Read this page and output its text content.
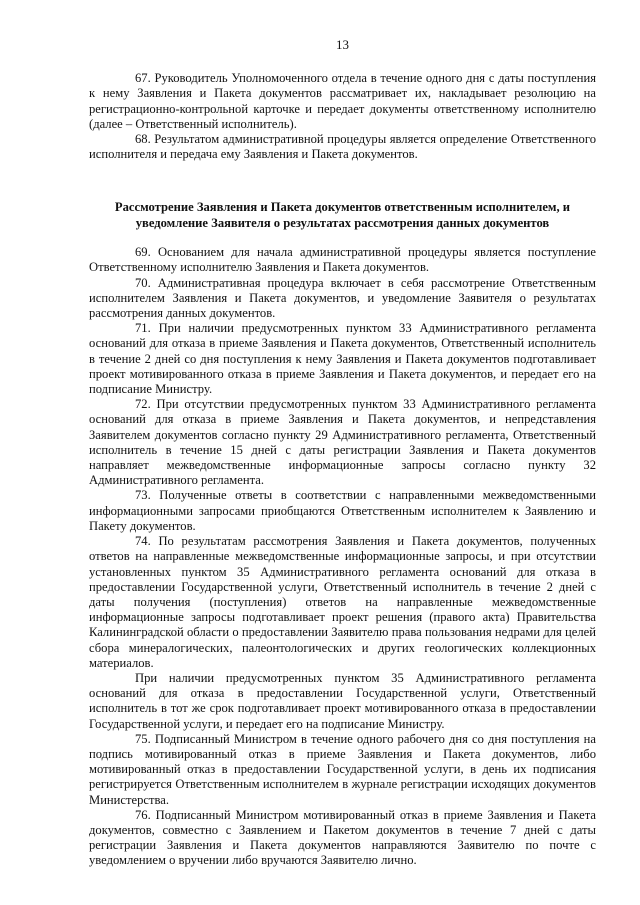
13

67. Руководитель Уполномоченного отдела в течение одного дня с даты поступления к нему Заявления и Пакета документов рассматривает их, накладывает резолюцию на регистрационно-контрольной карточке и передает документы ответственному исполнителю (далее – Ответственный исполнитель).

68. Результатом административной процедуры является определение Ответственного исполнителя и передача ему Заявления и Пакета документов.

Рассмотрение Заявления и Пакета документов ответственным исполнителем, и уведомление Заявителя о результатах рассмотрения данных документов

69. Основанием для начала административной процедуры является поступление Ответственному исполнителю Заявления и Пакета документов.

70. Административная процедура включает в себя рассмотрение Ответственным исполнителем Заявления и Пакета документов, и уведомление Заявителя о результатах рассмотрения данных документов.

71. При наличии предусмотренных пунктом 33 Административного регламента оснований для отказа в приеме Заявления и Пакета документов, Ответственный исполнитель в течение 2 дней со дня поступления к нему Заявления и Пакета документов подготавливает проект мотивированного отказа в приеме Заявления и Пакета документов, и передает его на подписание Министру.

72. При отсутствии предусмотренных пунктом 33 Административного регламента оснований для отказа в приеме Заявления и Пакета документов, и непредставления Заявителем документов согласно пункту 29 Административного регламента, Ответственный исполнитель в течение 15 дней с даты регистрации Заявления и Пакета документов направляет межведомственные информационные запросы согласно пункту 32 Административного регламента.

73. Полученные ответы в соответствии с направленными межведомственными информационными запросами приобщаются Ответственным исполнителем к Заявлению и Пакету документов.

74. По результатам рассмотрения Заявления и Пакета документов, полученных ответов на направленные межведомственные информационные запросы, и при отсутствии установленных пунктом 35 Административного регламента оснований для отказа в предоставлении Государственной услуги, Ответственный исполнитель в течение 2 дней с даты получения (поступления) ответов на направленные межведомственные информационные запросы подготавливает проект решения (правого акта) Правительства Калининградской области о предоставлении Заявителю права пользования недрами для целей сбора минералогических, палеонтологических и других геологических коллекционных материалов.

При наличии предусмотренных пунктом 35 Административного регламента оснований для отказа в предоставлении Государственной услуги, Ответственный исполнитель в тот же срок подготавливает проект мотивированного отказа в предоставлении Государственной услуги, и передает его на подписание Министру.

75. Подписанный Министром в течение одного рабочего дня со дня поступления на подпись мотивированный отказ в приеме Заявления и Пакета документов, либо мотивированный отказ в предоставлении Государственной услуги, в день их подписания регистрируется Ответственным исполнителем в журнале регистрации исходящих документов Министерства.

76. Подписанный Министром мотивированный отказ в приеме Заявления и Пакета документов, совместно с Заявлением и Пакетом документов в течение 7 дней с даты регистрации Заявления и Пакета документов направляются Заявителю по почте с уведомлением о вручении либо вручаются Заявителю лично.
